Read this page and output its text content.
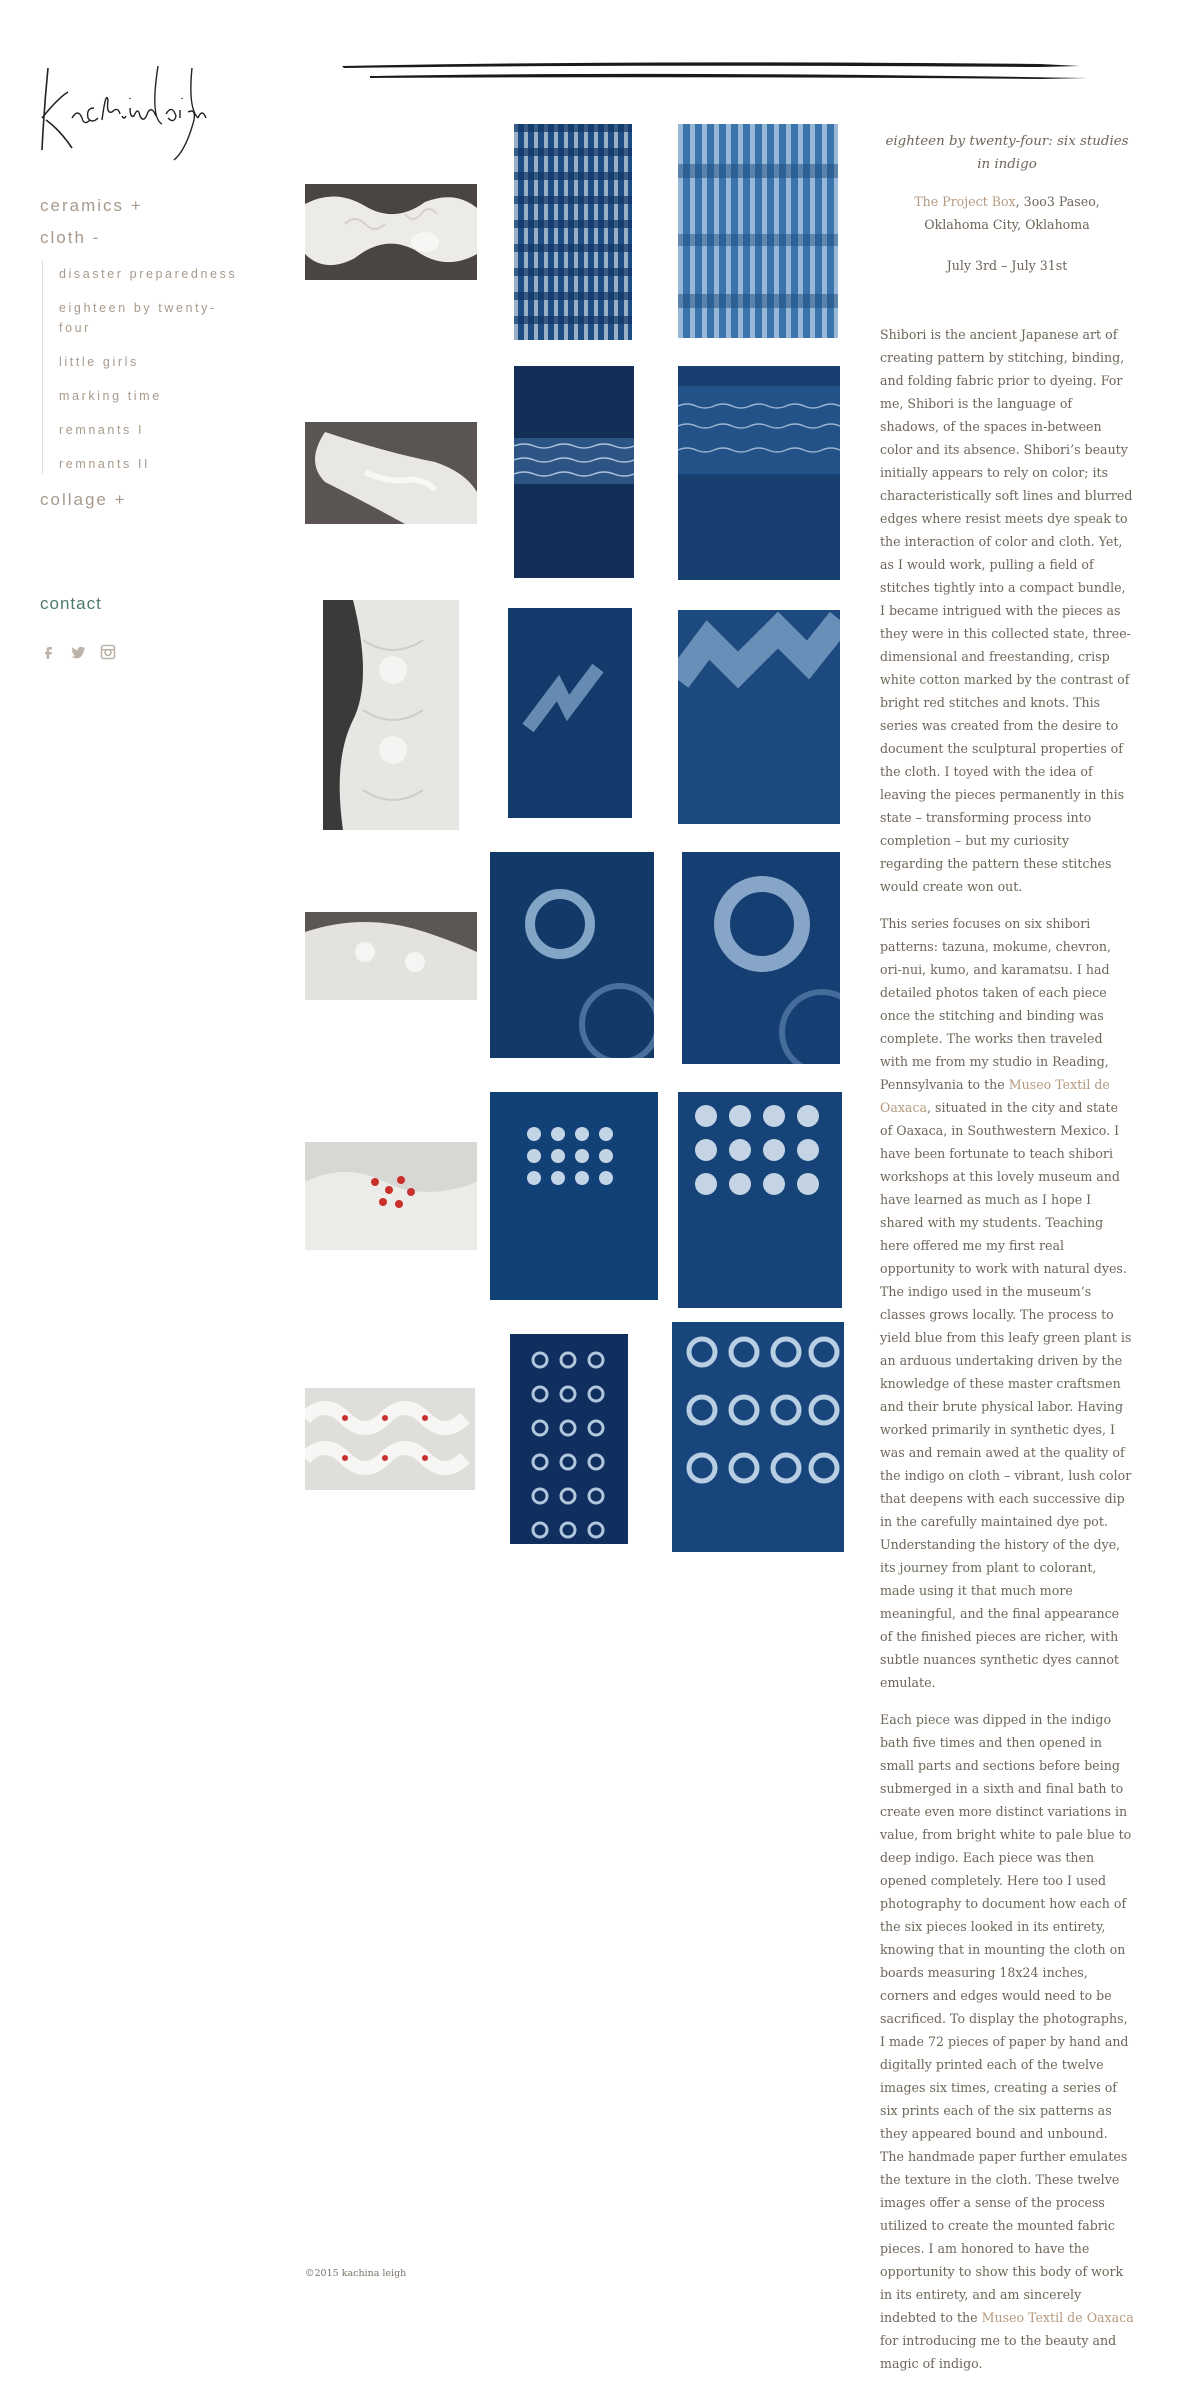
ceramics +
cloth -
disaster preparedness
eighteen by twenty-four
little girls
marking time
remnants I
remnants II
collage +
contact

eighteen by twenty-four: six studies in indigo

The Project Box, 3oo3 Paseo, Oklahoma City, Oklahoma

July 3rd – July 31st

Shibori is the ancient Japanese art of creating pattern by stitching, binding, and folding fabric prior to dyeing. For me, Shibori is the language of shadows, of the spaces in-between color and its absence. Shibori’s beauty initially appears to rely on color; its characteristically soft lines and blurred edges where resist meets dye speak to the interaction of color and cloth. Yet, as I would work, pulling a field of stitches tightly into a compact bundle, I became intrigued with the pieces as they were in this collected state, three-dimensional and freestanding, crisp white cotton marked by the contrast of bright red stitches and knots. This series was created from the desire to document the sculptural properties of the cloth. I toyed with the idea of leaving the pieces permanently in this state – transforming process into completion – but my curiosity regarding the pattern these stitches would create won out.

This series focuses on six shibori patterns: tazuna, mokume, chevron, ori-nui, kumo, and karamatsu. I had detailed photos taken of each piece once the stitching and binding was complete. The works then traveled with me from my studio in Reading, Pennsylvania to the Museo Textil de Oaxaca, situated in the city and state of Oaxaca, in Southwestern Mexico. I have been fortunate to teach shibori workshops at this lovely museum and have learned as much as I hope I shared with my students. Teaching here offered me my first real opportunity to work with natural dyes. The indigo used in the museum’s classes grows locally. The process to yield blue from this leafy green plant is an arduous undertaking driven by the knowledge of these master craftsmen and their brute physical labor. Having worked primarily in synthetic dyes, I was and remain awed at the quality of the indigo on cloth – vibrant, lush color that deepens with each successive dip in the carefully maintained dye pot. Understanding the history of the dye, its journey from plant to colorant, made using it that much more meaningful, and the final appearance of the finished pieces are richer, with subtle nuances synthetic dyes cannot emulate.

Each piece was dipped in the indigo bath five times and then opened in small parts and sections before being submerged in a sixth and final bath to create even more distinct variations in value, from bright white to pale blue to deep indigo. Each piece was then opened completely. Here too I used photography to document how each of the six pieces looked in its entirety, knowing that in mounting the cloth on boards measuring 18x24 inches, corners and edges would need to be sacrificed. To display the photographs, I made 72 pieces of paper by hand and digitally printed each of the twelve images six times, creating a series of six prints each of the six patterns as they appeared bound and unbound. The handmade paper further emulates the texture in the cloth. These twelve images offer a sense of the process utilized to create the mounted fabric pieces. I am honored to have the opportunity to show this body of work in its entirety, and am sincerely indebted to the Museo Textil de Oaxaca for introducing me to the beauty and magic of indigo.

©2015 kachina leigh
